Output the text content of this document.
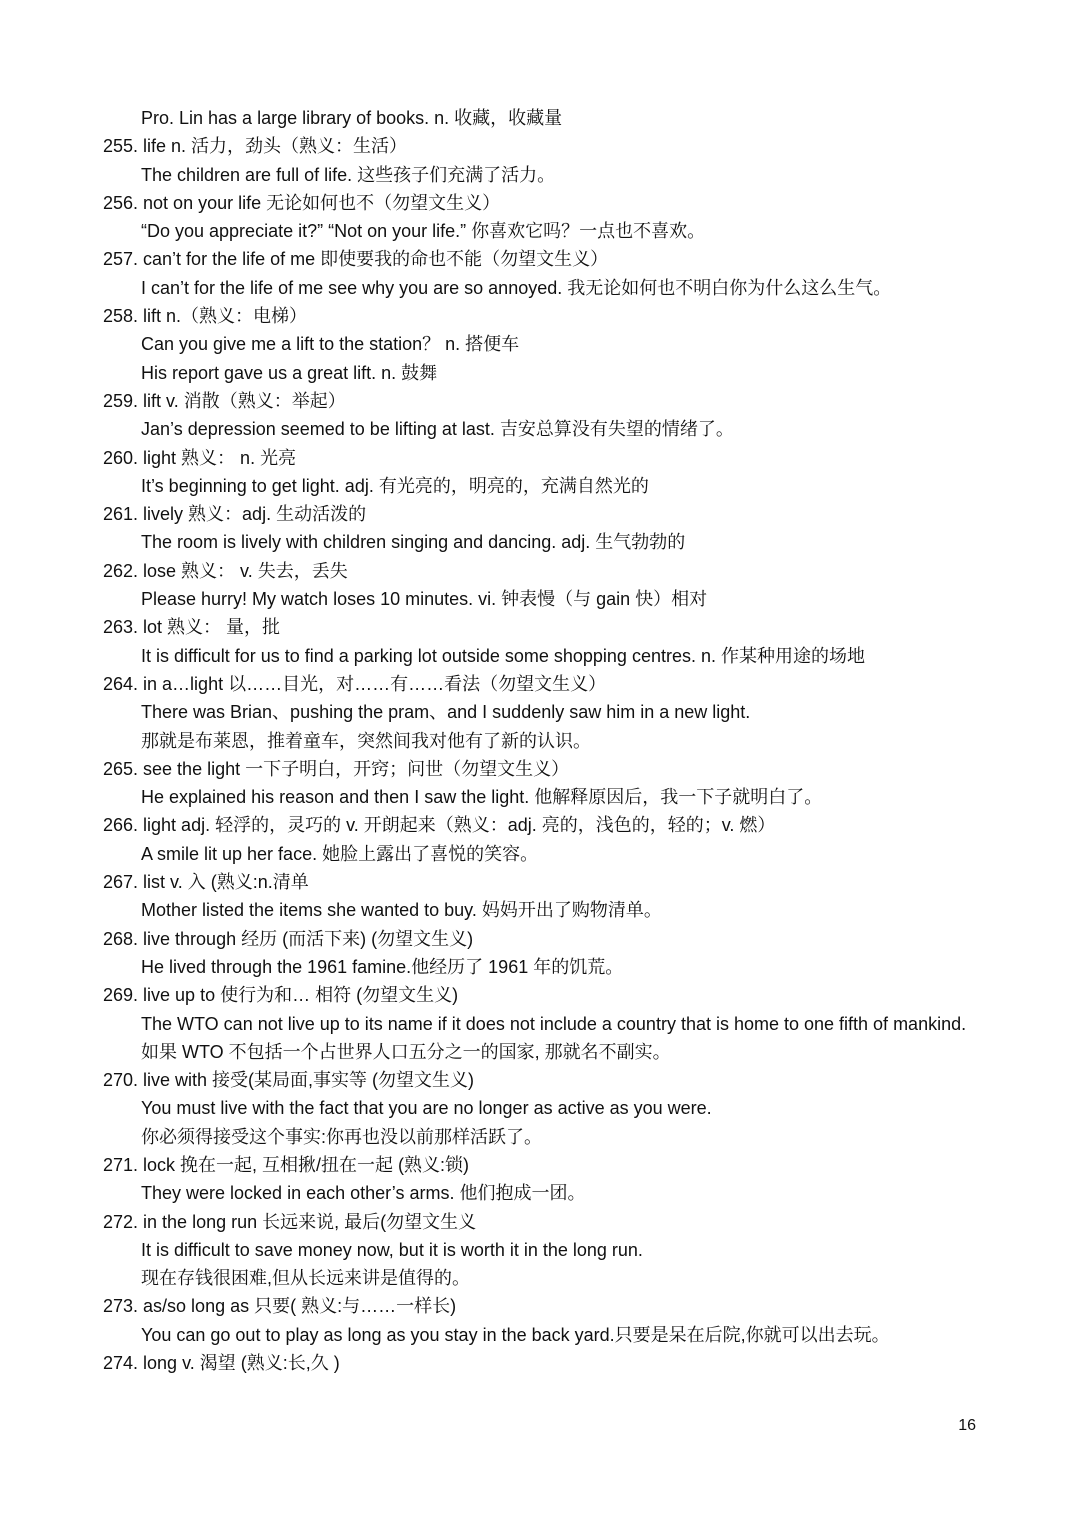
Pro. Lin has a large library of books. n. 收藏，收藏量
255. life n. 活力，劲头（熟义：生活）
The children are full of life. 这些孩子们充满了活力。
256. not on your life 无论如何也不（勿望文生义）
“Do you appreciate it?” “Not on your life.” 你喜欢它吗？一点也不喜欢。
257. can’t for the life of me 即使要我的命也不能（勿望文生义）
I can’t for the life of me see why you are so annoyed. 我无论如何也不明白你为什么这么生气。
258. lift n.（熟义：电梯）
Can you give me a lift to the station？ n. 搭便车
His report gave us a great lift. n. 鼓舞
259. lift v. 消散（熟义：举起）
Jan’s depression seemed to be lifting at last. 吉安总算没有失望的情绪了。
260. light 熟义： n. 光亮
It’s beginning to get light. adj. 有光亮的，明亮的，充满自然光的
261. lively 熟义：adj. 生动活泼的
The room is lively with children singing and dancing. adj. 生气勃勃的
262. lose 熟义： v. 失去，丢失
Please hurry! My watch loses 10 minutes. vi. 钟表慢（与 gain 快）相对
263. lot 熟义： 量，批
It is difficult for us to find a parking lot outside some shopping centres. n. 作某种用途的场地
264. in a…light 以……目光，对……有……看法（勿望文生义）
There was Brian、pushing the pram、and I suddenly saw him in a new light.
那就是布莱恩，推着童车，突然间我对他有了新的认识。
265. see the light 一下子明白，开窍；问世（勿望文生义）
He explained his reason and then I saw the light. 他解释原因后，我一下子就明白了。
266. light adj. 轻浮的，灵巧的 v. 开朗起来（熟义：adj. 亮的，浅色的，轻的；v. 燃）
A smile lit up her face. 她脸上露出了喜悦的笑容。
267. list v. 入 (熟义:n.清单
Mother listed the items she wanted to buy. 妈妈开出了购物清单。
268. live through 经历 (而活下来) (勿望文生义)
He lived through the 1961 famine.他经历了 1961 年的饥荒。
269. live up to 使行为和… 相符 (勿望文生义)
The WTO can not live up to its name if it does not include a country that is home to one fifth of mankind.
如果 WTO 不包括一个占世界人口五分之一的国家, 那就名不副实。
270. live with 接受(某局面,事实等 (勿望文生义)
You must live with the fact that you are no longer as active as you were.
你必须得接受这个事实:你再也没以前那样活跃了。
271. lock 挽在一起, 互相揪/扭在一起 (熟义:锁)
They were locked in each other’s arms. 他们抱成一团。
272. in the long run 长远来说, 最后(勿望文生义
It is difficult to save money now, but it is worth it in the long run.
现在存钱很困难,但从长远来讲是值得的。
273. as/so long as 只要( 熟义:与……一样长)
You can go out to play as long as you stay in the back yard.只要是呆在后院,你就可以出去玩。
274. long v. 渴望 (熟义:长,久 )
16
